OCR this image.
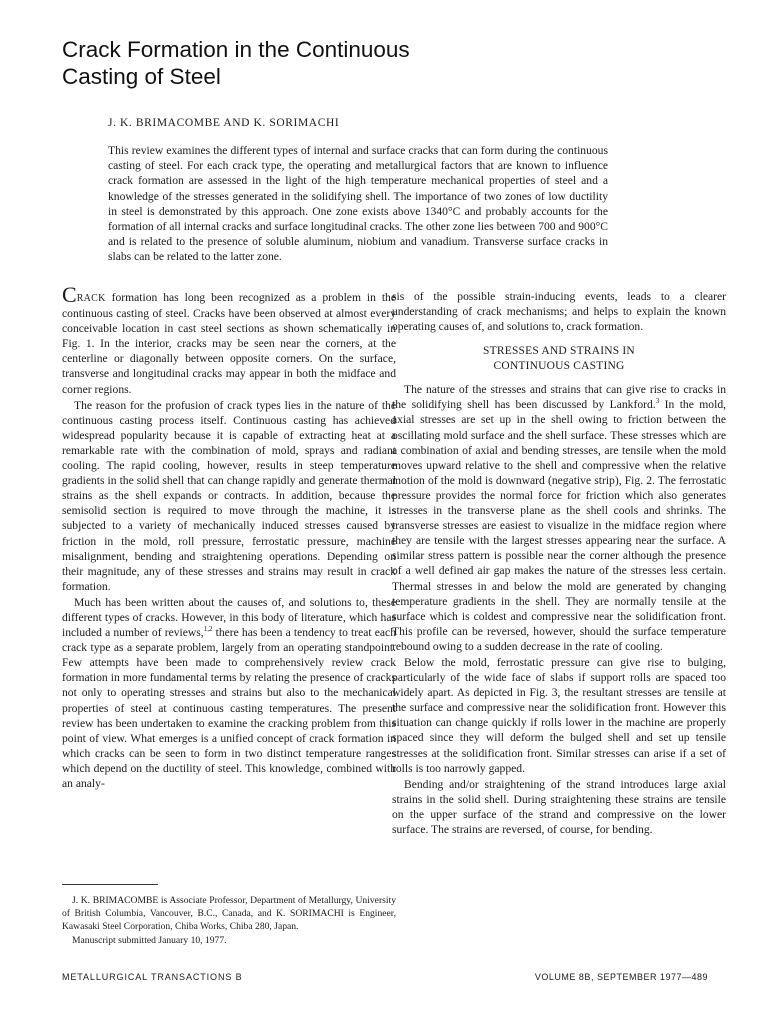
Crack Formation in the Continuous
Casting of Steel
J. K. BRIMACOMBE AND K. SORIMACHI

This review examines the different types of internal and surface cracks that can form during the continuous casting of steel. For each crack type, the operating and metallurgical factors that are known to influence crack formation are assessed in the light of the high temperature mechanical properties of steel and a knowledge of the stresses generated in the solidifying shell. The importance of two zones of low ductility in steel is demonstrated by this approach. One zone exists above 1340°C and probably accounts for the formation of all internal cracks and surface longitudinal cracks. The other zone lies between 700 and 900°C and is related to the presence of soluble aluminum, niobium and vanadium. Transverse surface cracks in slabs can be related to the latter zone.

CRACK formation has long been recognized as a problem in the continuous casting of steel. Cracks have been observed at almost every conceivable location in cast steel sections as shown schematically in Fig. 1. In the interior, cracks may be seen near the corners, at the centerline or diagonally between opposite corners. On the surface, transverse and longitudinal cracks may appear in both the midface and corner regions.

The reason for the profusion of crack types lies in the nature of the continuous casting process itself. Continuous casting has achieved widespread popularity because it is capable of extracting heat at a remarkable rate with the combination of mold, sprays and radiant cooling. The rapid cooling, however, results in steep temperature gradients in the solid shell that can change rapidly and generate thermal strains as the shell expands or contracts. In addition, because the semisolid section is required to move through the machine, it is subjected to a variety of mechanically induced stresses caused by friction in the mold, roll pressure, ferrostatic pressure, machine misalignment, bending and straightening operations. Depending on their magnitude, any of these stresses and strains may result in crack formation.

Much has been written about the causes of, and solutions to, these different types of cracks. However, in this body of literature, which has included a number of reviews,$^{1,2}$ there has been a tendency to treat each crack type as a separate problem, largely from an operating standpoint. Few attempts have been made to comprehensively review crack formation in more fundamental terms by relating the presence of cracks not only to operating stresses and strains but also to the mechanical properties of steel at continuous casting temperatures. The present review has been undertaken to examine the cracking problem from this point of view. What emerges is a unified concept of crack formation in which cracks can be seen to form in two distinct temperature ranges which depend on the ductility of steel. This knowledge, combined with an analy-

sis of the possible strain-inducing events, leads to a clearer understanding of crack mechanisms; and helps to explain the known operating causes of, and solutions to, crack formation.

STRESSES AND STRAINS IN
CONTINUOUS CASTING

The nature of the stresses and strains that can give rise to cracks in the solidifying shell has been discussed by Lankford.$^3$ In the mold, axial stresses are set up in the shell owing to friction between the oscillating mold surface and the shell surface. These stresses which are a combination of axial and bending stresses, are tensile when the mold moves upward relative to the shell and compressive when the relative motion of the mold is downward (negative strip), Fig. 2. The ferrostatic pressure provides the normal force for friction which also generates stresses in the transverse plane as the shell cools and shrinks. The transverse stresses are easiest to visualize in the midface region where they are tensile with the largest stresses appearing near the surface. A similar stress pattern is possible near the corner although the presence of a well defined air gap makes the nature of the stresses less certain. Thermal stresses in and below the mold are generated by changing temperature gradients in the shell. They are normally tensile at the surface which is coldest and compressive near the solidification front. This profile can be reversed, however, should the surface temperature rebound owing to a sudden decrease in the rate of cooling.

Below the mold, ferrostatic pressure can give rise to bulging, particularly of the wide face of slabs if support rolls are spaced too widely apart. As depicted in Fig. 3, the resultant stresses are tensile at the surface and compressive near the solidification front. However this situation can change quickly if rolls lower in the machine are properly spaced since they will deform the bulged shell and set up tensile stresses at the solidification front. Similar stresses can arise if a set of rolls is too narrowly gapped.

Bending and/or straightening of the strand introduces large axial strains in the solid shell. During straightening these strains are tensile on the upper surface of the strand and compressive on the lower surface. The strains are reversed, of course, for bending.

J. K. BRIMACOMBE is Associate Professor, Department of Metallurgy, University of British Columbia, Vancouver, B.C., Canada, and K. SORIMACHI is Engineer, Kawasaki Steel Corporation, Chiba Works, Chiba 280, Japan.

Manuscript submitted January 10, 1977.

METALLURGICAL TRANSACTIONS B	VOLUME 8B, SEPTEMBER 1977—489
